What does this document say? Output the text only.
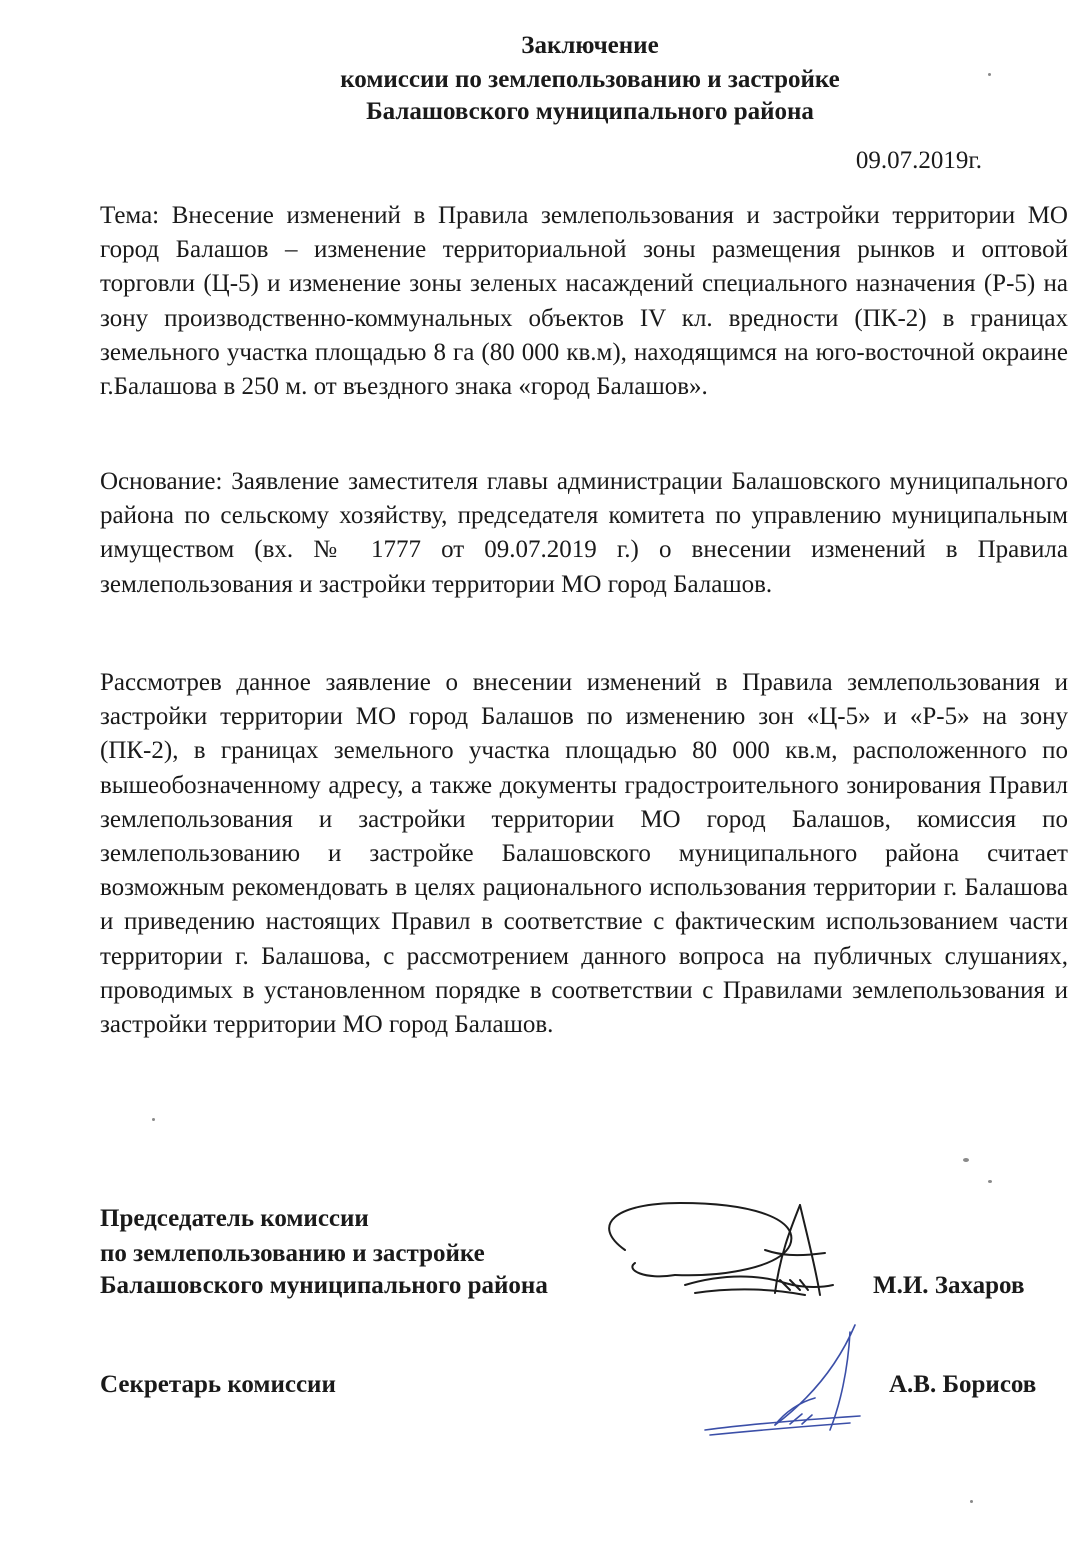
Заключение
комиссии по землепользованию и застройке
Балашовского муниципального района
09.07.2019г.

Тема: Внесение изменений в Правила землепользования и застройки территории МО город Балашов – изменение территориальной зоны размещения рынков и оптовой торговли (Ц-5) и изменение зоны зеленых насаждений специального назначения (Р-5) на зону производственно-коммунальных объектов IV кл. вредности (ПК-2) в границах земельного участка площадью 8 га (80 000 кв.м), находящимся на юго-восточной окраине г.Балашова в 250 м. от въездного знака «город Балашов».

Основание: Заявление заместителя главы администрации Балашовского муниципального района по сельскому хозяйству, председателя комитета по управлению муниципальным имуществом (вх. № 1777 от 09.07.2019 г.) о внесении изменений в Правила землепользования и застройки территории МО город Балашов.

Рассмотрев данное заявление о внесении изменений в Правила землепользования и застройки территории МО город Балашов по изменению зон «Ц-5» и «Р-5» на зону (ПК-2), в границах земельного участка площадью 80 000 кв.м, расположенного по вышеобозначенному адресу, а также документы градостроительного зонирования Правил землепользования и застройки территории МО город Балашов, комиссия по землепользованию и застройке Балашовского муниципального района считает возможным рекомендовать в целях рационального использования территории г. Балашова и приведению настоящих Правил в соответствие с фактическим использованием части территории г. Балашова, с рассмотрением данного вопроса на публичных слушаниях, проводимых в установленном порядке в соответствии с Правилами землепользования и застройки территории МО город Балашов.

Председатель комиссии
по землепользованию и застройке
Балашовского муниципального района	М.И. Захаров
Секретарь комиссии	А.В. Борисов
